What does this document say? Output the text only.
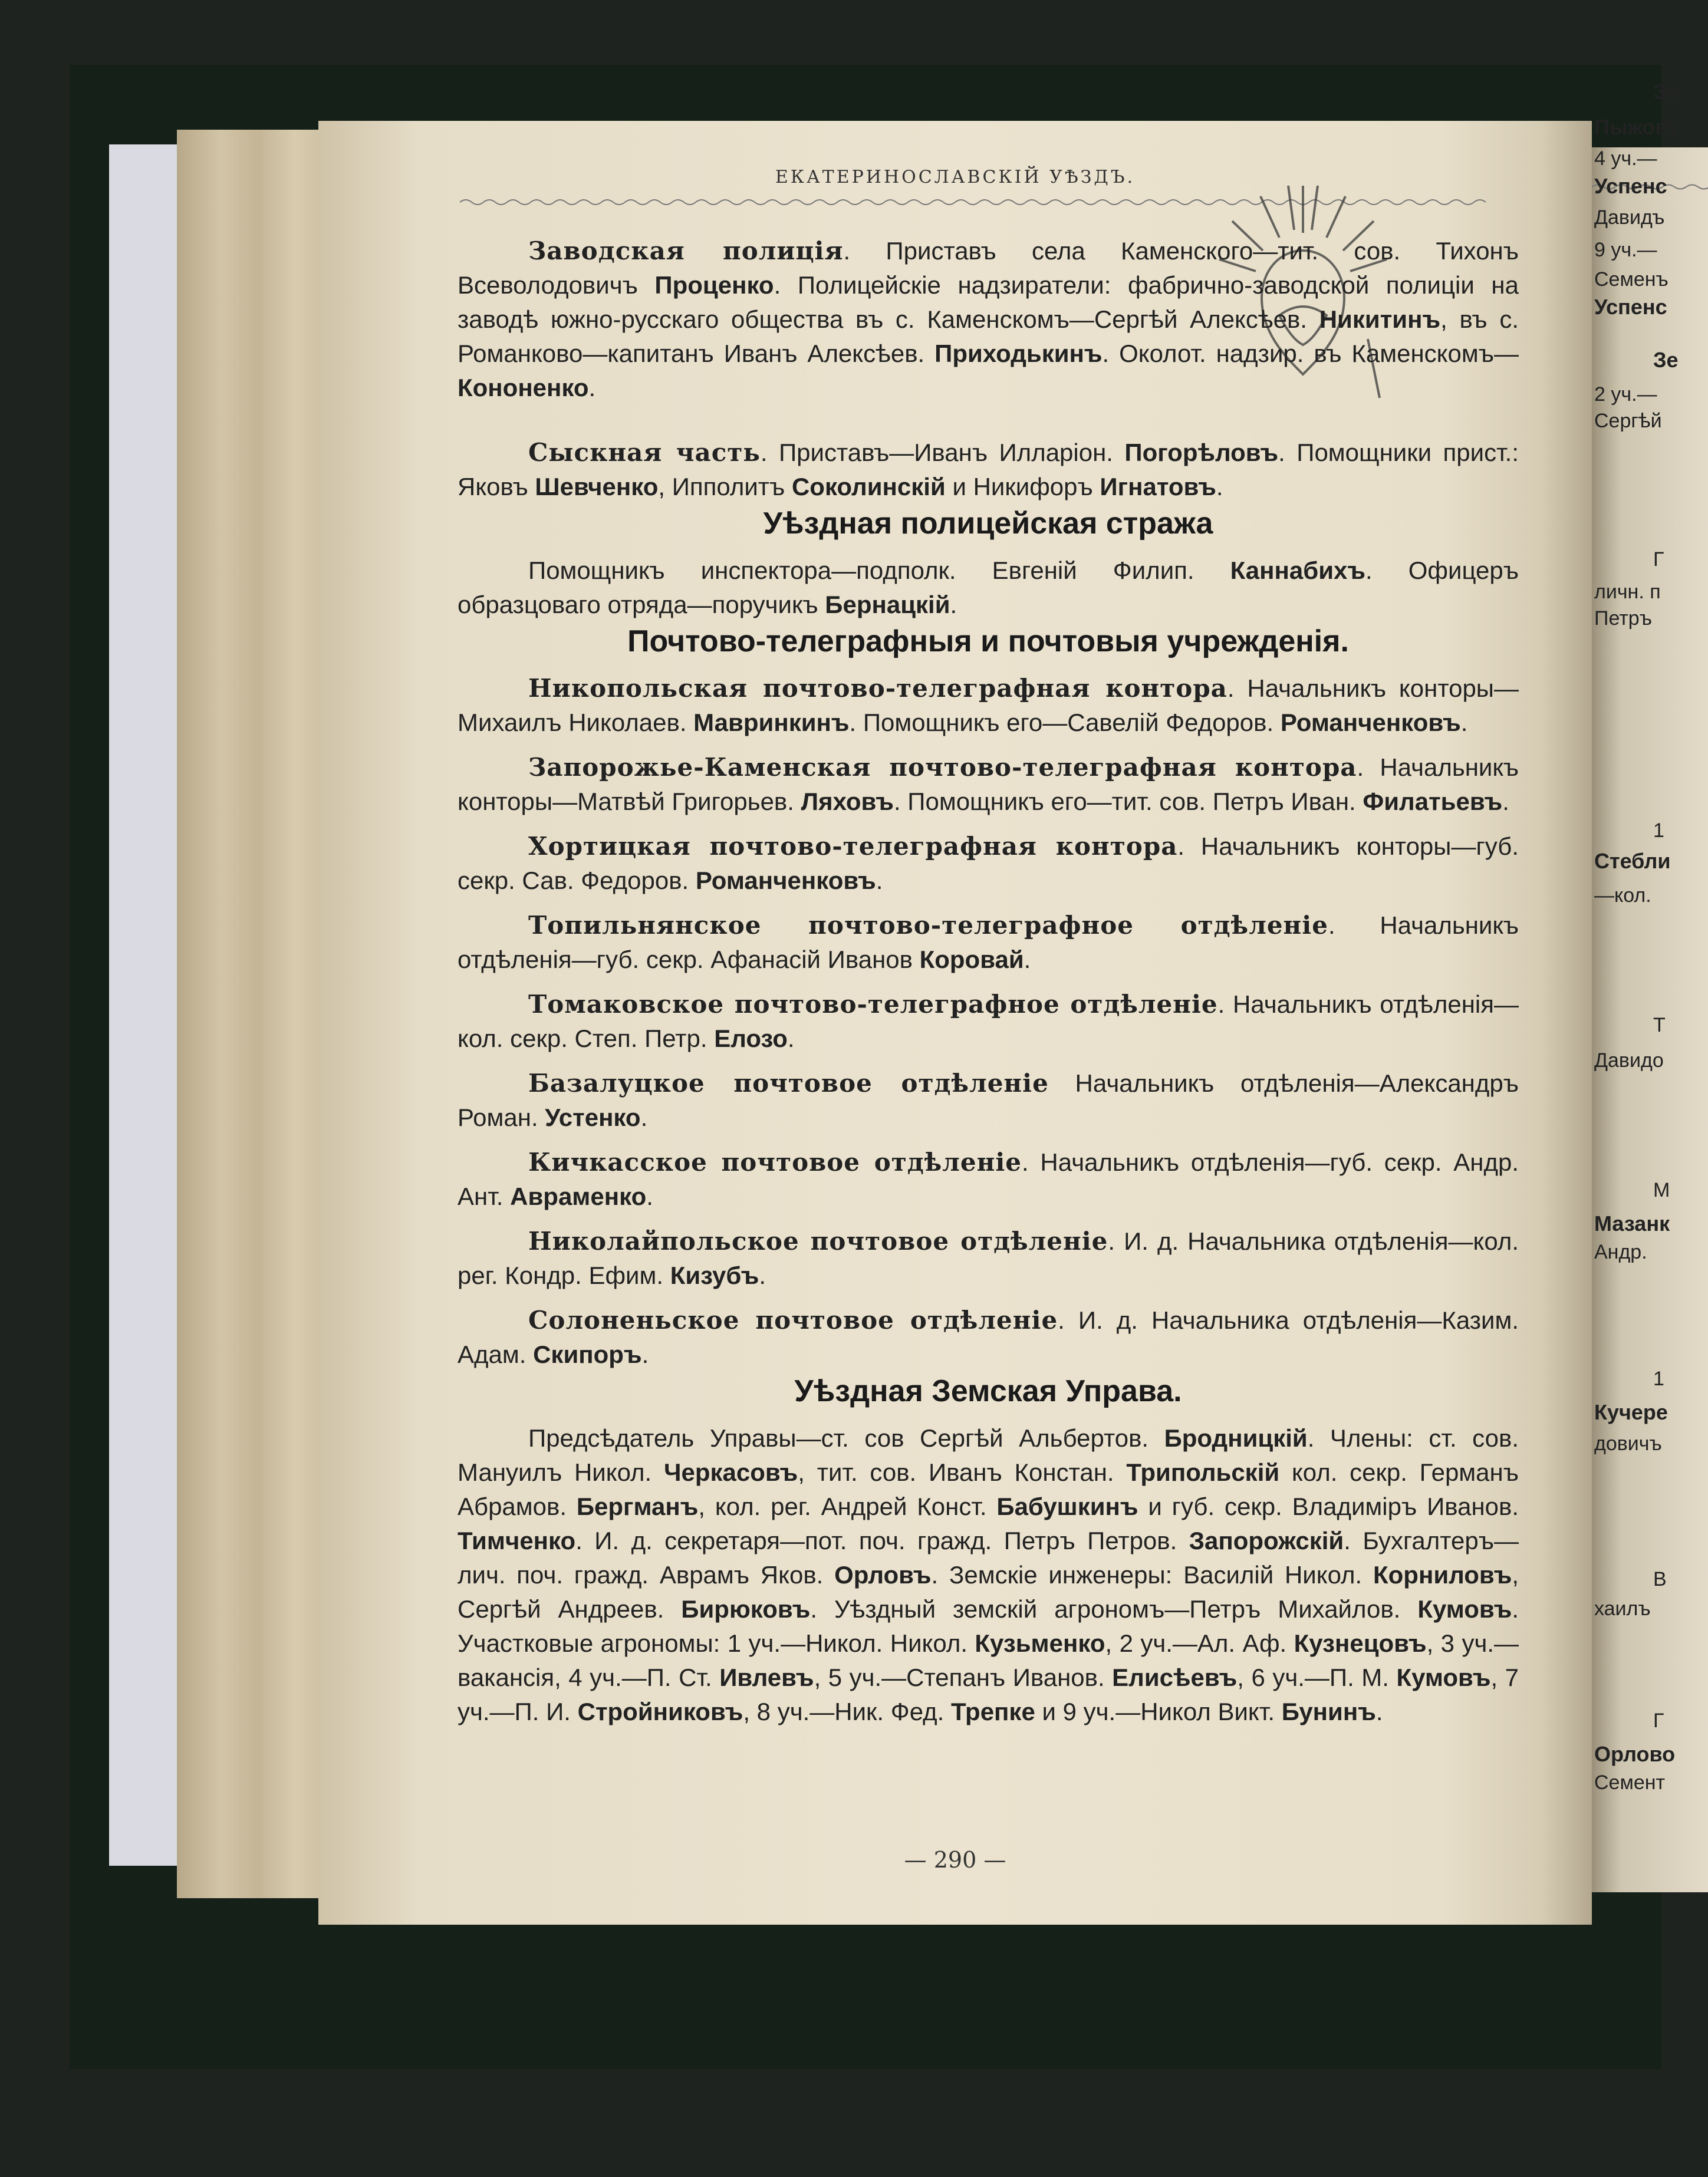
ЕКАТЕРИНОСЛАВСКIЙ УѢЗДЪ.

Заводская полиція. Приставъ села Каменского—тит. сов. Тихонъ Всеволодовичъ Проценко. Полицейскіе надзиратели: фабрично-заводской полиціи на заводѣ южно-русскаго общества въ с. Каменскомъ—Сергѣй Алексѣев. Никитинъ, въ с. Романково—капитанъ Иванъ Алексѣев. Приходькинъ. Околот. надзир. въ Каменскомъ—Кононенко.

Сыскная часть. Приставъ—Иванъ Илларіон. Погорѣловъ. Помощники прист.: Яковъ Шевченко, Ипполитъ Соколинскій и Никифоръ Игнатовъ.

Уѣздная полицейская стража

Помощникъ инспектора—подполк. Евгеній Филип. Каннабихъ. Офицеръ образцоваго отряда—поручикъ Бернацкій.

Почтово-телеграфныя и почтовыя учрежденія.

Никопольская почтово-телеграфная контора. Начальникъ конторы—Михаилъ Николаев. Мавринкинъ. Помощникъ его—Савелій Федоров. Романченковъ.

Запорожье-Каменская почтово-телеграфная контора. Начальникъ конторы—Матвѣй Григорьев. Ляховъ. Помощникъ его—тит. сов. Петръ Иван. Филатьевъ.

Хортицкая почтово-телеграфная контора. Начальникъ конторы—губ. секр. Сав. Федоров. Романченковъ.

Топильнянское почтово-телеграфное отдѣленіе. Начальникъ отдѣленія—губ. секр. Афанасій Иванов Коровай.

Томаковское почтово-телеграфное отдѣленіе. Начальникъ отдѣленія—кол. секр. Степ. Петр. Елозо.

Базалуцкое почтовое отдѣленіе Начальникъ отдѣленія—Александръ Роман. Устенко.

Кичкасское почтовое отдѣленіе. Начальникъ отдѣленія—губ. секр. Андр. Ант. Авраменко.

Николайпольское почтовое отдѣленіе. И. д. Начальника отдѣленія—кол. рег. Кондр. Ефим. Кизубъ.

Солоненьское почтовое отдѣленіе. И. д. Начальника отдѣленія—Казим. Адам. Скипоръ.

Уѣздная Земская Управа.

Предсѣдатель Управы—ст. сов Сергѣй Альбертов. Бродницкій. Члены: ст. сов. Мануилъ Никол. Черкасовъ, тит. сов. Иванъ Констан. Трипольскій кол. секр. Германъ Абрамов. Бергманъ, кол. рег. Андрей Конст. Бабушкинъ и губ. секр. Владиміръ Иванов. Тимченко. И. д. секретаря—пот. поч. гражд. Петръ Петров. Запорожскій. Бухгалтеръ—лич. поч. гражд. Аврамъ Яков. Орловъ. Земскіе инженеры: Василій Никол. Корниловъ, Сергѣй Андреев. Бирюковъ. Уѣздный земскій агрономъ—Петръ Михайлов. Кумовъ. Участковые агрономы: 1 уч.—Никол. Никол. Кузьменко, 2 уч.—Ал. Аф. Кузнецовъ, 3 уч.—вакансія, 4 уч.—П. Ст. Ивлевъ, 5 уч.—Степанъ Иванов. Елисѣевъ, 6 уч.—П. М. Кумовъ, 7 уч.—П. И. Стройниковъ, 8 уч.—Ник. Фед. Трепке и 9 уч.—Никол Викт. Бунинъ.

— 290 —
Зе
Пыжовт
4 уч.—
Успенс
Давидъ
9 уч.—
Семенъ
Успенс
Зе
2 уч.—
Сергѣй
Г
личн. п
Петръ
1
Стебли
—кол.
Т
Давидо
М
Мазанк
Андр.
1
Кучере
довичъ
В
хаилъ
Г
Орлово
Семент
